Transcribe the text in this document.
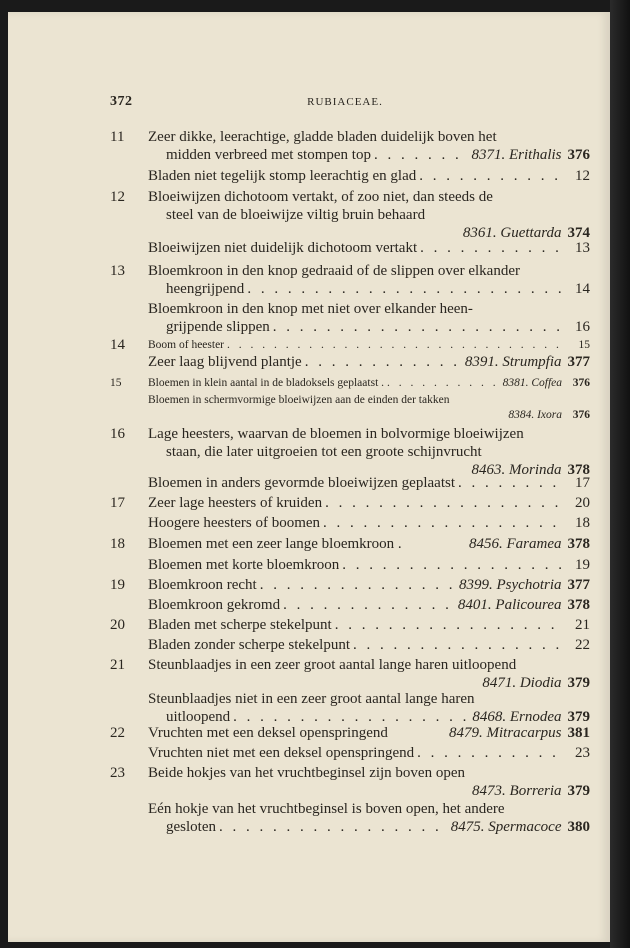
372	RUBIACEAE.
11	Zeer dikke, leerachtige, gladde bladen duidelijk boven het
midden verbreed met stompen top . . .	8371. Erithalis 376
Bladen niet tegelijk stomp leerachtig en glad . . .	12
12	Bloeiwijzen dichotoom vertakt, of zoo niet, dan steeds de
steel van de bloeiwijze viltig bruin behaard
8361. Guettarda 374
Bloeiwijzen niet duidelijk dichotoom vertakt . . .	13
13	Bloemkroon in den knop gedraaid of de slippen over elkander
heengrijpend . . .	14
Bloemkroon in den knop met niet over elkander heen-
grijpende slippen . . .	16
14	Boom of heester . . .	15
Zeer laag blijvend plantje . . .	8391. Strumpfia 377
15	Bloemen in klein aantal in de bladoksels geplaatst . . . .	8381. Coffea 376
Bloemen in schermvormige bloeiwijzen aan de einden der takken
8384. Ixora 376
16	Lage heesters, waarvan de bloemen in bolvormige bloeiwijzen
staan, die later uitgroeien tot een groote schijnvrucht
8463. Morinda 378
Bloemen in anders gevormde bloeiwijzen geplaatst . . .	17
17	Zeer lage heesters of kruiden . . .	20
Hoogere heesters of boomen . . .	18
18	Bloemen met een zeer lange bloemkroon .	8456. Faramea 378
Bloemen met korte bloemkroon . . .	19
19	Bloemkroon recht . . .	8399. Psychotria 377
Bloemkroon gekromd . . .	8401. Palicourea 378
20	Bladen met scherpe stekelpunt . . .	21
Bladen zonder scherpe stekelpunt . . .	22
21	Steunblaadjes in een zeer groot aantal lange haren uitloopend
8471. Diodia 379
Steunblaadjes niet in een zeer groot aantal lange haren
uitloopend . . .	8468. Ernodea 379
22	Vruchten met een deksel openspringend	8479. Mitracarpus 381
Vruchten niet met een deksel openspringend . . .	23
23	Beide hokjes van het vruchtbeginsel zijn boven open
8473. Borreria 379
Eén hokje van het vruchtbeginsel is boven open, het andere
gesloten . . .	8475. Spermacoce 380
